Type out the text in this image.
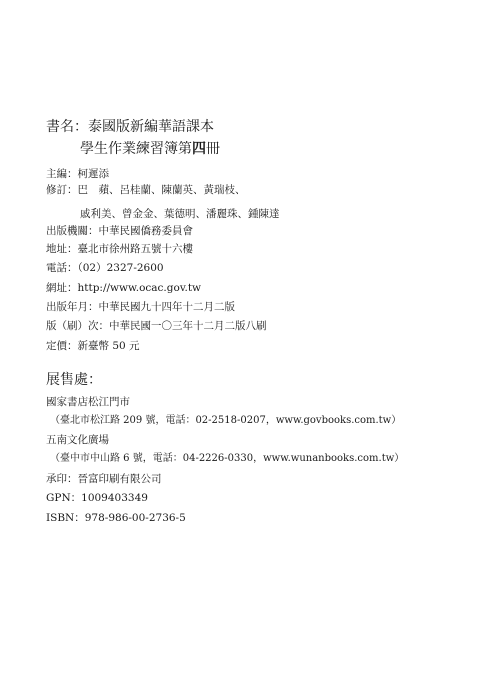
書名：泰國版新編華語課本
學生作業練習簿第四冊
主編：柯遲添
修訂：巴　蘋、呂桂蘭、陳蘭英、黃瑞枝、
戚利美、曾金金、葉德明、潘麗珠、鍾陳達
出版機關：中華民國僑務委員會
地址：臺北市徐州路五號十六樓
電話：（02）2327-2600
網址：http://www.ocac.gov.tw
出版年月：中華民國九十四年十二月二版
版（刷）次：中華民國一〇三年十二月二版八刷
定價：新臺幣 50 元
展售處：
國家書店松江門市
（臺北市松江路 209 號，電話：02-2518-0207，www.govbooks.com.tw）
五南文化廣場
（臺中市中山路 6 號，電話：04-2226-0330，www.wunanbooks.com.tw）
承印：晉富印刷有限公司
GPN：1009403349
ISBN：978-986-00-2736-5
